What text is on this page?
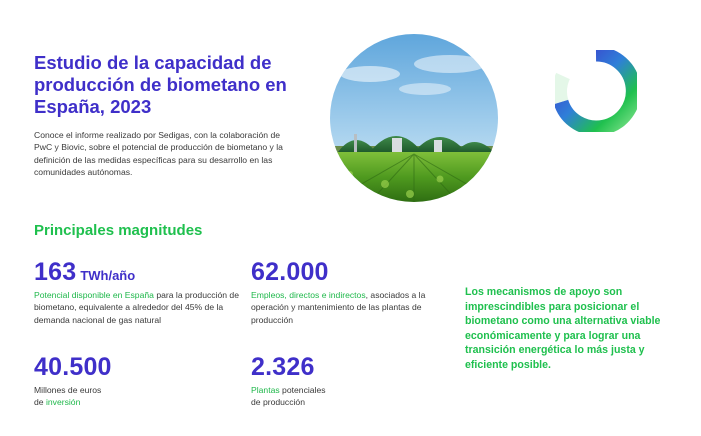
Estudio de la capacidad de producción de biometano en España, 2023

Conoce el informe realizado por Sedigas, con la colaboración de PwC y Biovic, sobre el potencial de producción de biometano y la definición de las medidas específicas para su desarrollo en las comunidades autónomas.

Principales magnitudes
163 TWh/año
Potencial disponible en España para la producción de biometano, equivalente a alrededor del 45% de la demanda nacional de gas natural
62.000
Empleos, directos e indirectos, asociados a la operación y mantenimiento de las plantas de producción
40.500
Millones de euros
de inversión
2.326
Plantas potenciales
de producción

Los mecanismos de apoyo son imprescindibles para posicionar el biometano como una alternativa viable económicamente y para lograr una transición energética lo más justa y eficiente posible.
